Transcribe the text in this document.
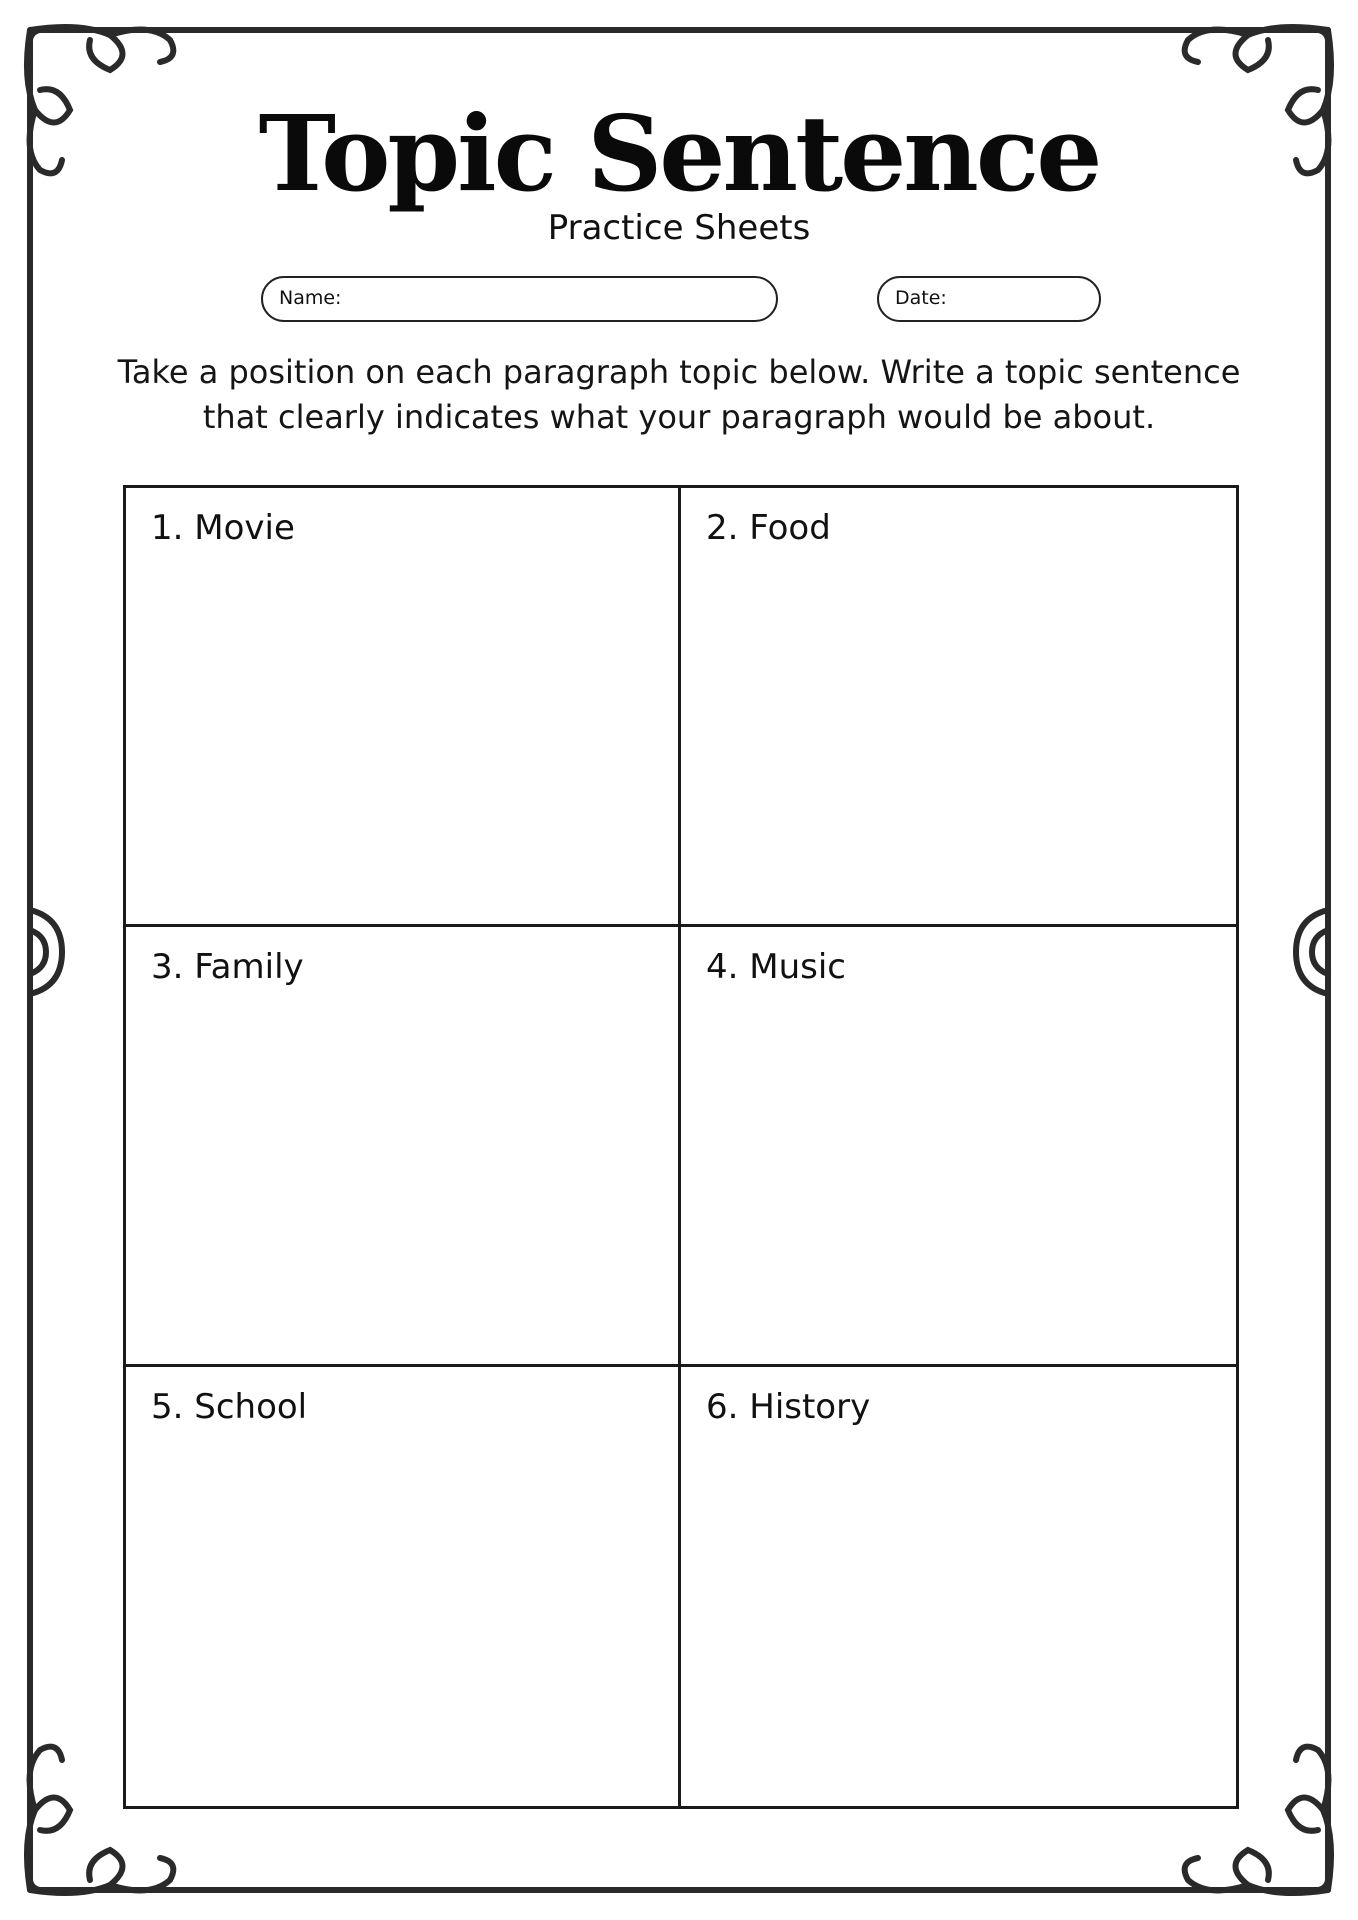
Topic Sentence
Practice Sheets
Name:	Date:
Take a position on each paragraph topic below. Write a topic sentence that clearly indicates what your paragraph would be about.
1. Movie	2. Food
3. Family	4. Music
5. School	6. History
